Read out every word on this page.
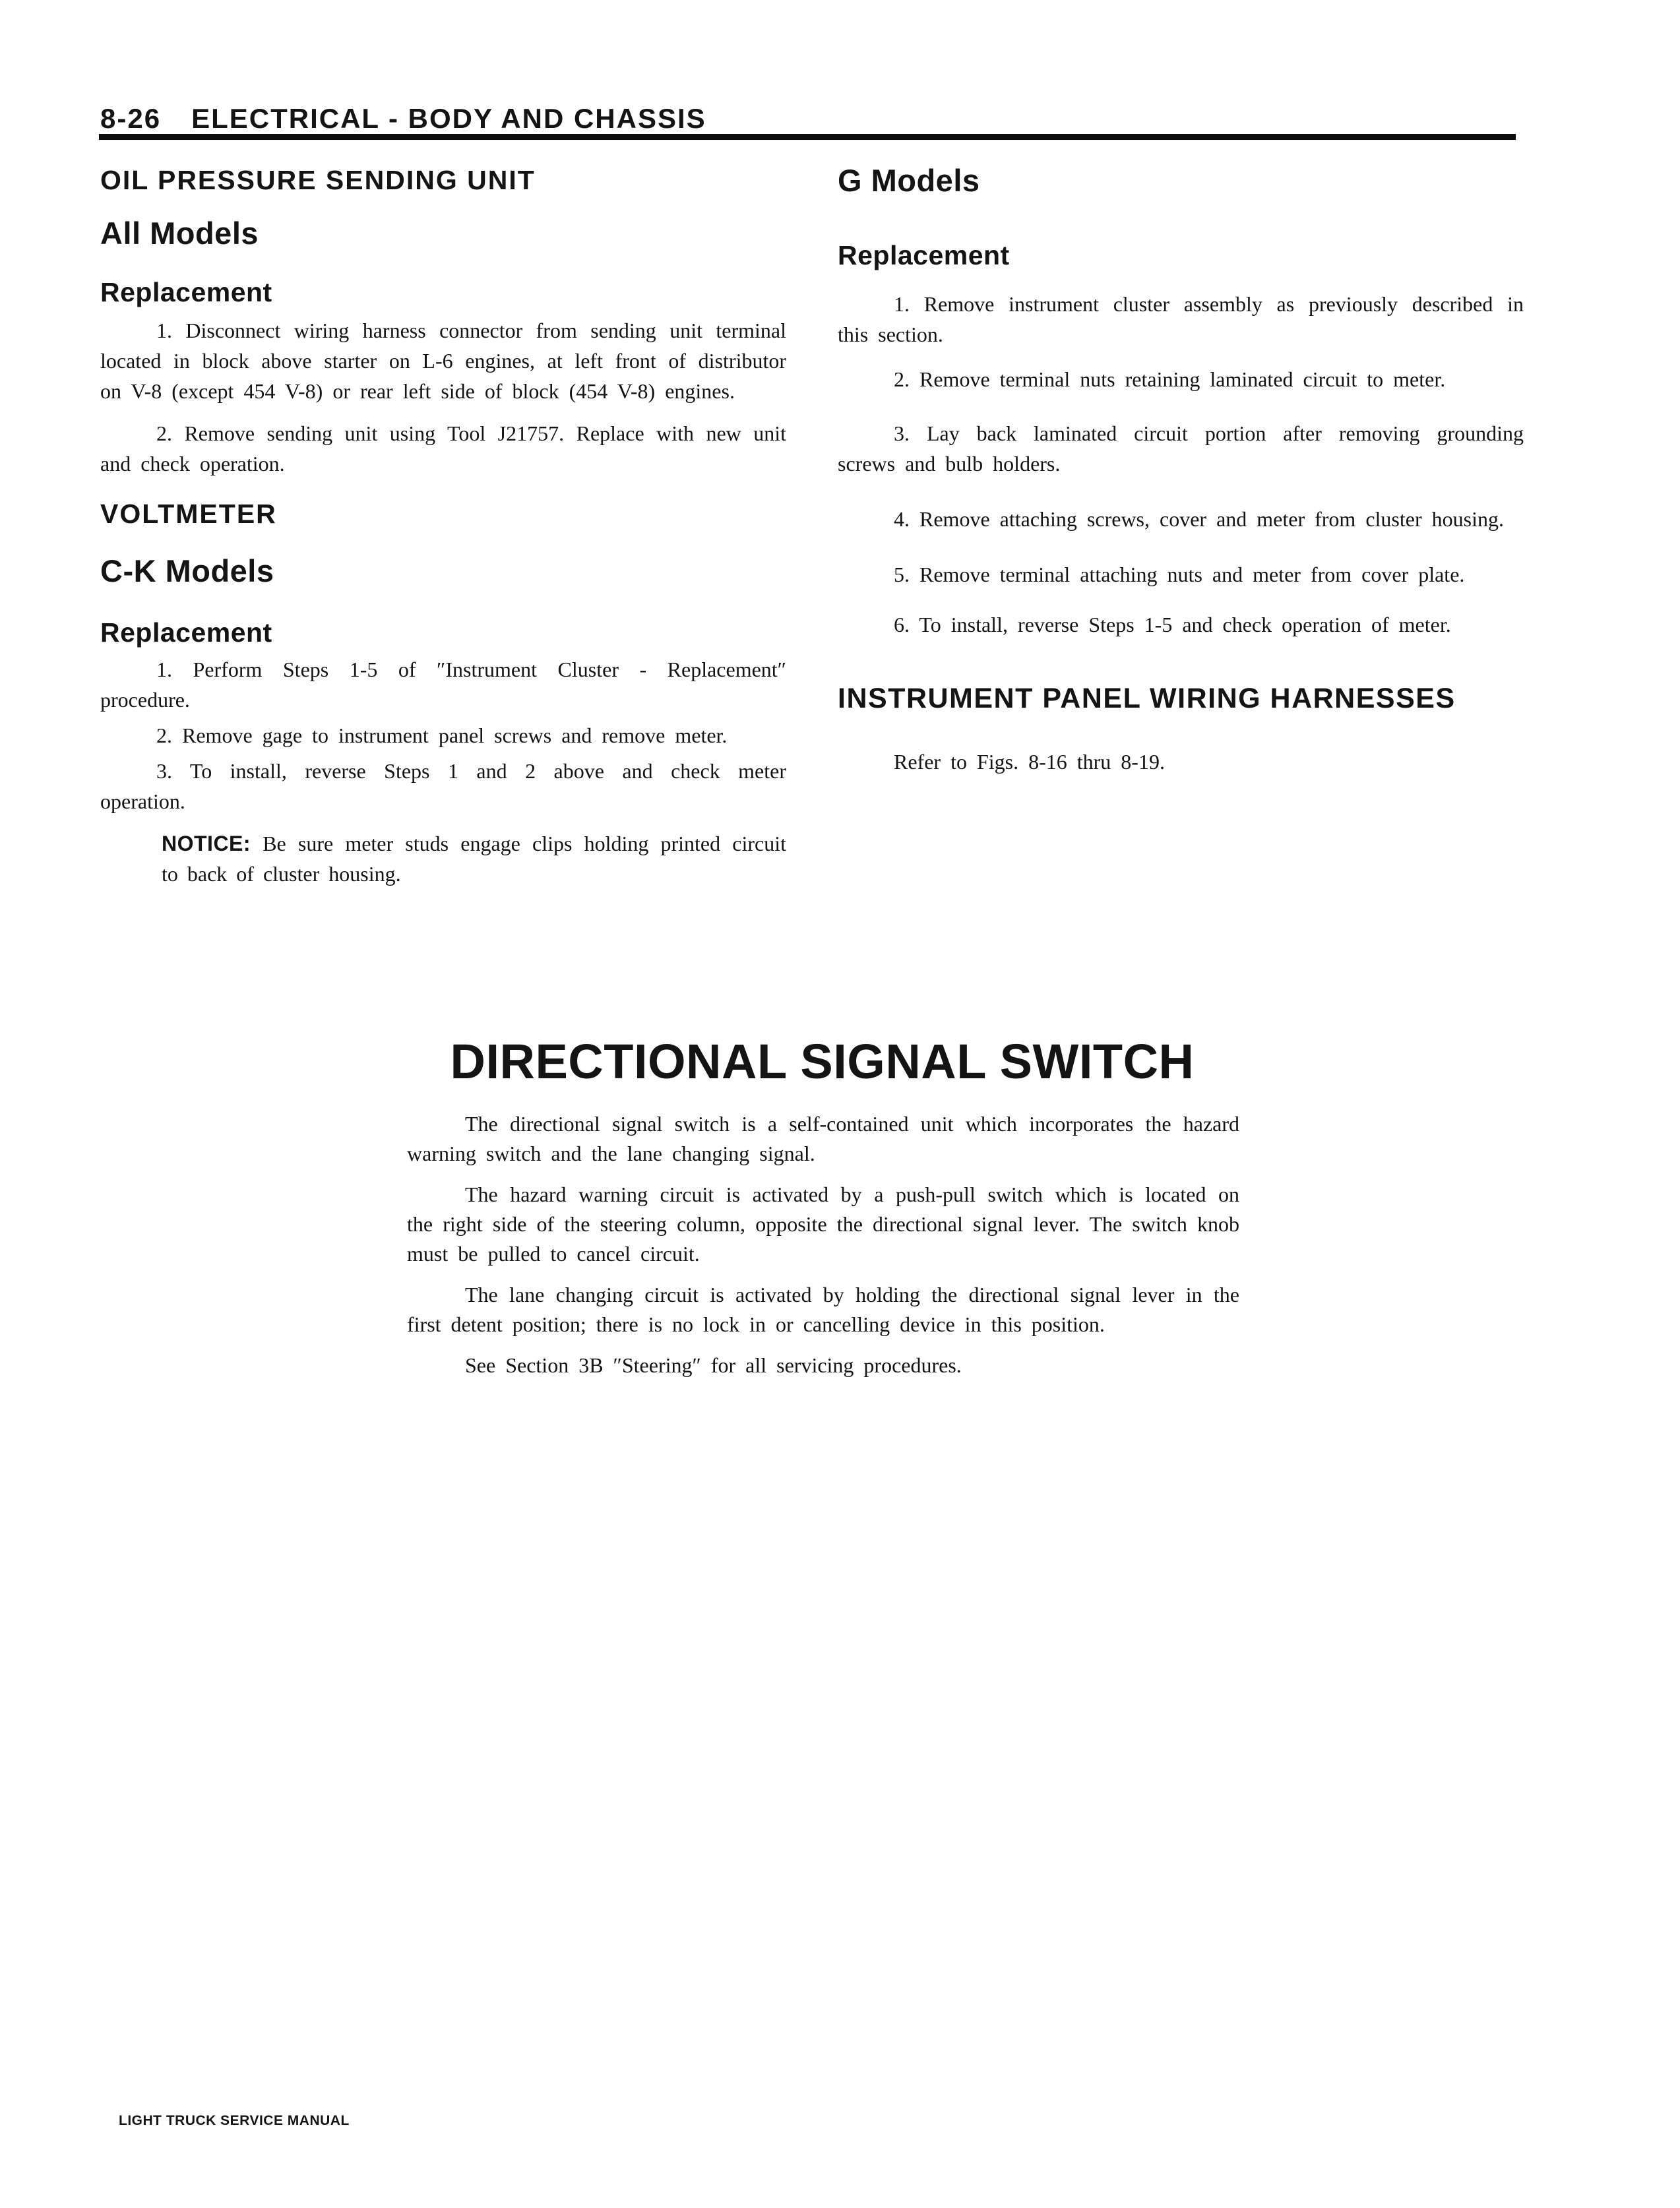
8-26 ELECTRICAL - BODY AND CHASSIS
OIL PRESSURE SENDING UNIT
All Models
Replacement

1. Disconnect wiring harness connector from sending unit terminal located in block above starter on L-6 engines, at left front of distributor on V-8 (except 454 V-8) or rear left side of block (454 V-8) engines.

2. Remove sending unit using Tool J21757. Replace with new unit and check operation.

VOLTMETER
C-K Models
Replacement

1. Perform Steps 1-5 of ″Instrument Cluster - Replacement″ procedure.

2. Remove gage to instrument panel screws and remove meter.

3. To install, reverse Steps 1 and 2 above and check meter operation.

NOTICE: Be sure meter studs engage clips holding printed circuit to back of cluster housing.

G Models
Replacement

1. Remove instrument cluster assembly as previously described in this section.

2. Remove terminal nuts retaining laminated circuit to meter.

3. Lay back laminated circuit portion after removing grounding screws and bulb holders.

4. Remove attaching screws, cover and meter from cluster housing.

5. Remove terminal attaching nuts and meter from cover plate.

6. To install, reverse Steps 1-5 and check operation of meter.

INSTRUMENT PANEL WIRING HARNESSES

Refer to Figs. 8-16 thru 8-19.

DIRECTIONAL SIGNAL SWITCH

The directional signal switch is a self-contained unit which incorporates the hazard warning switch and the lane changing signal.

The hazard warning circuit is activated by a push-pull switch which is located on the right side of the steering column, opposite the directional signal lever. The switch knob must be pulled to cancel circuit.

The lane changing circuit is activated by holding the directional signal lever in the first detent position; there is no lock in or cancelling device in this position.

See Section 3B ″Steering″ for all servicing procedures.

LIGHT TRUCK SERVICE MANUAL
